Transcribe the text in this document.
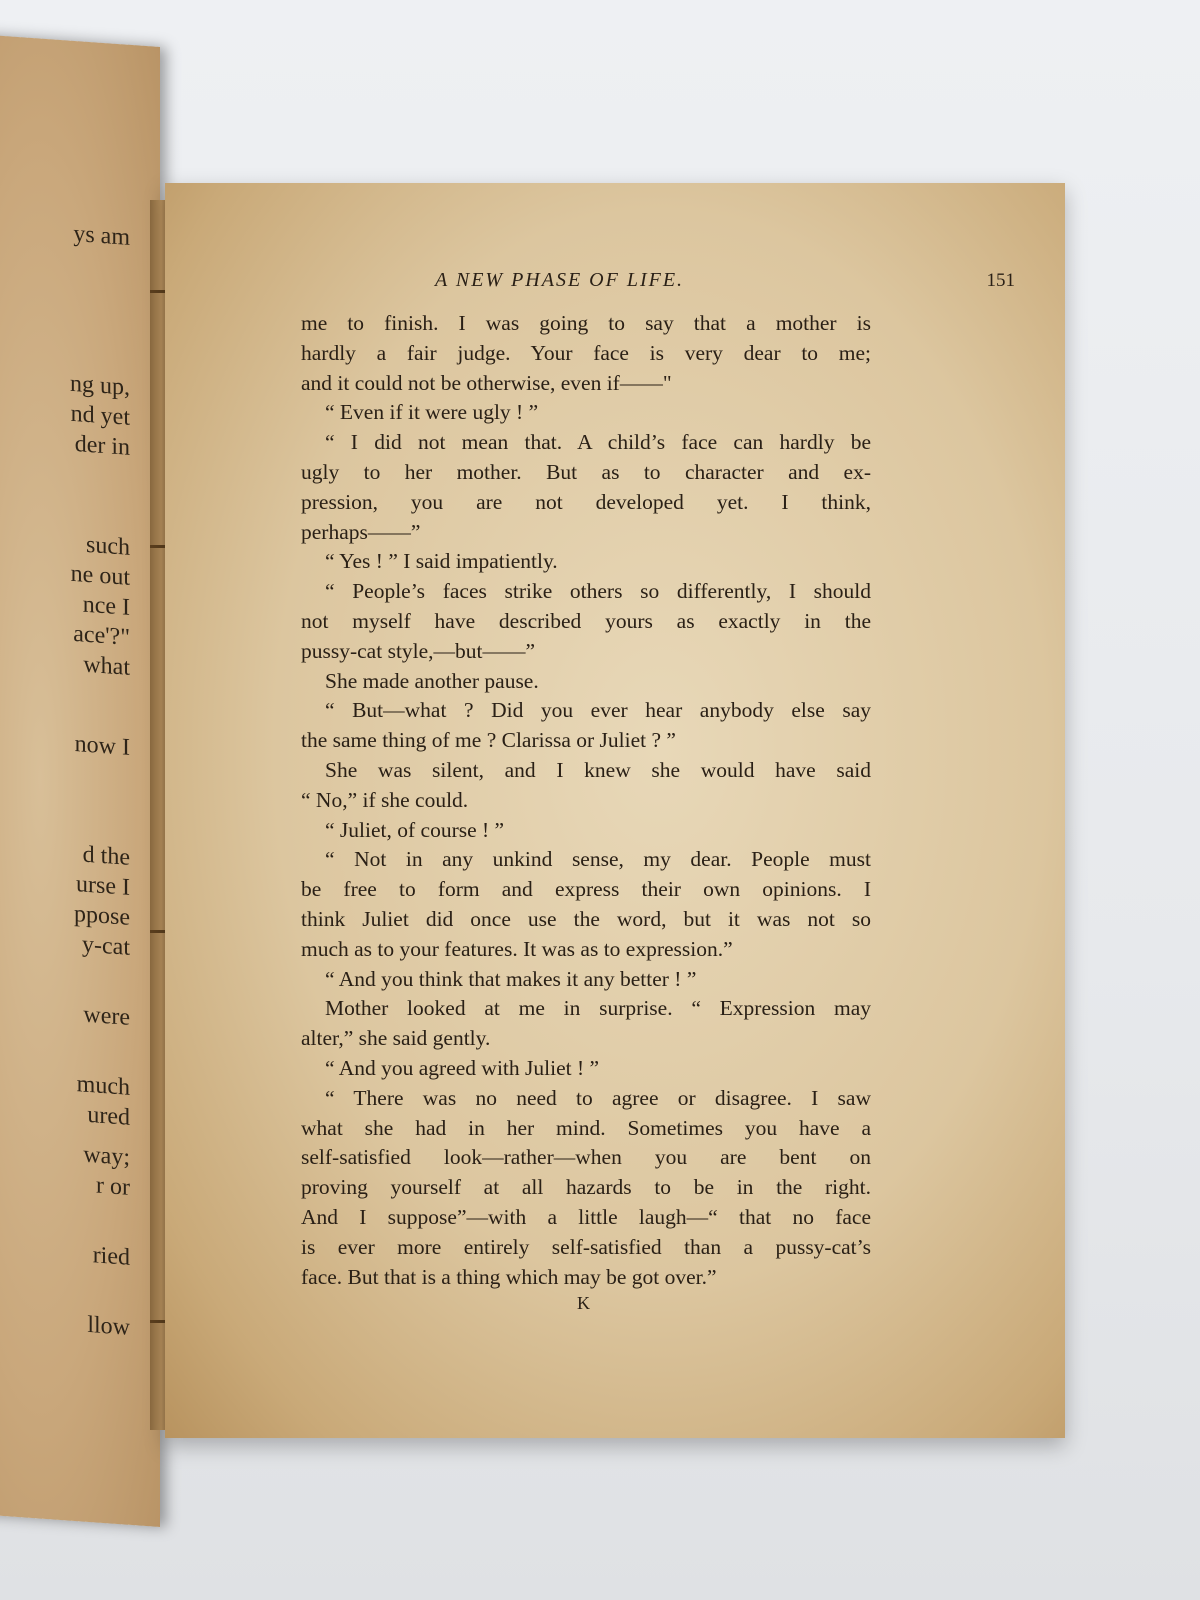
ys am
ng up,
nd yet
der in
such
ne out
nce I
ace'?"
what
now I
d the
urse I
ppose
y-cat
were
much
ured
way;
r or
ried
llow
A NEW PHASE OF LIFE.	151
me to finish. I was going to say that a mother is
hardly a fair judge. Your face is very dear to me;
and it could not be otherwise, even if——"
“ Even if it were ugly ! ”
“ I did not mean that. A child’s face can hardly be
ugly to her mother. But as to character and ex-
pression, you are not developed yet. I think,
perhaps——”
“ Yes ! ” I said impatiently.
“ People’s faces strike others so differently, I should
not myself have described yours as exactly in the
pussy-cat style,—but——”
She made another pause.
“ But—what ? Did you ever hear anybody else say
the same thing of me ? Clarissa or Juliet ? ”
She was silent, and I knew she would have said
“ No,” if she could.
“ Juliet, of course ! ”
“ Not in any unkind sense, my dear. People must
be free to form and express their own opinions. I
think Juliet did once use the word, but it was not so
much as to your features. It was as to expression.”
“ And you think that makes it any better ! ”
Mother looked at me in surprise. “ Expression may
alter,” she said gently.
“ And you agreed with Juliet ! ”
“ There was no need to agree or disagree. I saw
what she had in her mind. Sometimes you have a
self-satisfied look—rather—when you are bent on
proving yourself at all hazards to be in the right.
And I suppose”—with a little laugh—“ that no face
is ever more entirely self-satisfied than a pussy-cat’s
face. But that is a thing which may be got over.”
K
